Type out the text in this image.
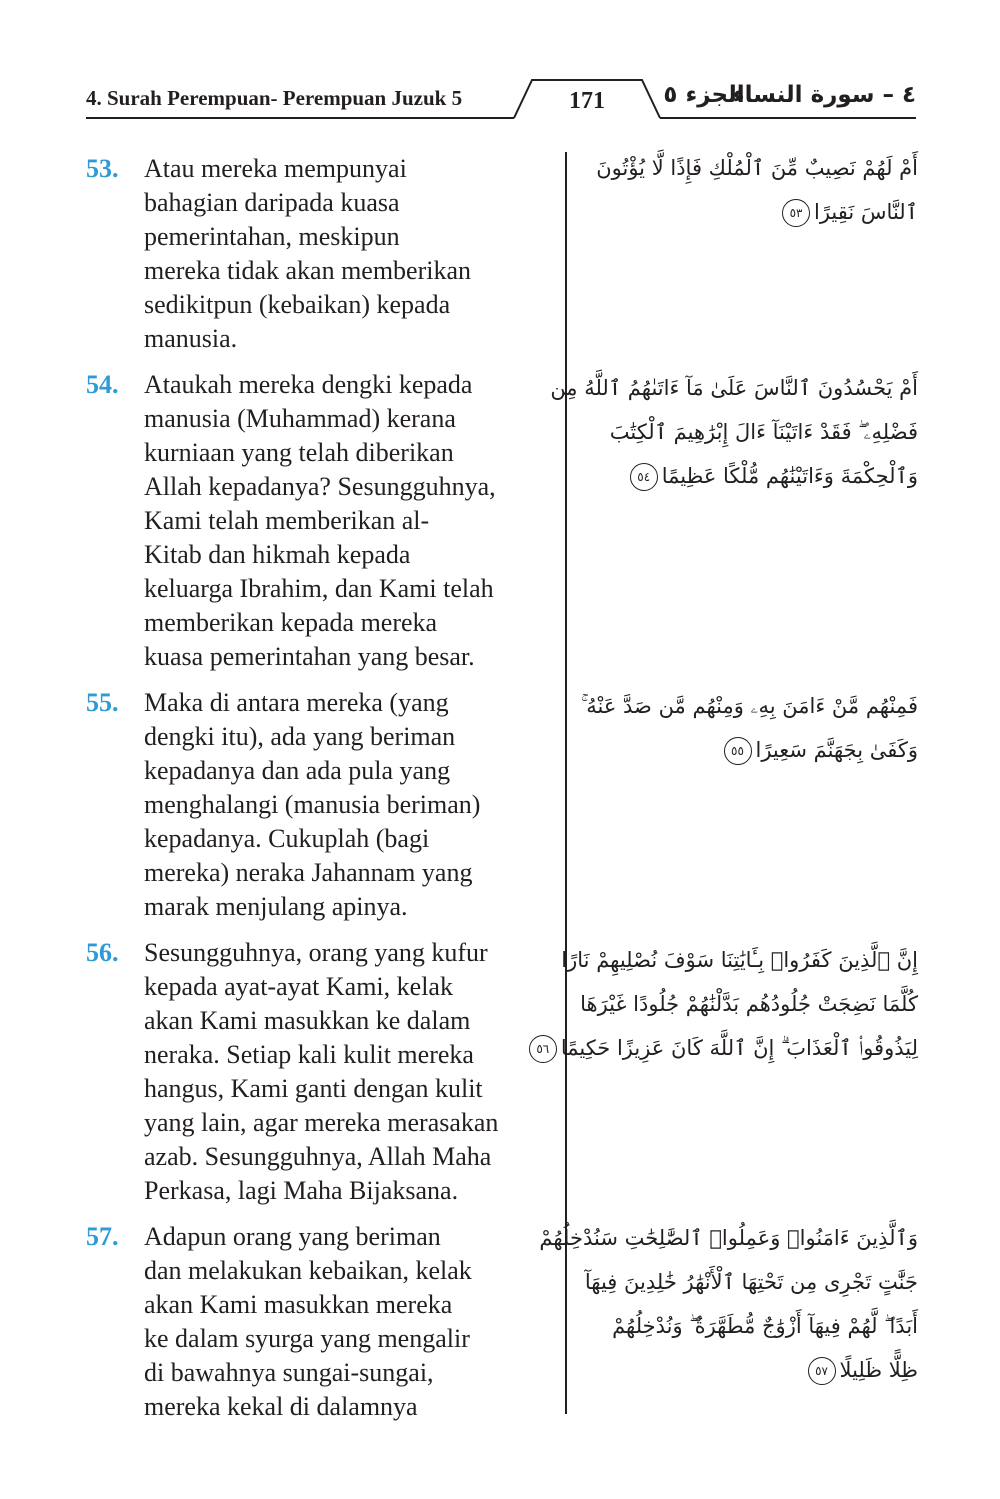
4. Surah Perempuan- Perempuan Juzuk 5	171	الجزء ٥
٤ – سورة النساء
53. Atau mereka mempunyai
bahagian daripada kuasa
pemerintahan, meskipun
mereka tidak akan memberikan
sedikitpun (kebaikan) kepada
manusia.
أَمْ لَهُمْ نَصِيبٌ مِّنَ ٱلْمُلْكِ فَإِذًا لَّا يُؤْتُونَ
ٱلنَّاسَ نَقِيرًا٥٣
54. Ataukah mereka dengki kepada
manusia (Muhammad) kerana
kurniaan yang telah diberikan
Allah kepadanya? Sesungguhnya,
Kami telah memberikan al-
Kitab dan hikmah kepada
keluarga Ibrahim, dan Kami telah
memberikan kepada mereka
kuasa pemerintahan yang besar.
أَمْ يَحْسُدُونَ ٱلنَّاسَ عَلَىٰ مَآ ءَاتَىٰهُمُ ٱللَّهُ مِن
فَضْلِهِۦ ۖ فَقَدْ ءَاتَيْنَآ ءَالَ إِبْرَٰهِيمَ ٱلْكِتَٰبَ
وَٱلْحِكْمَةَ وَءَاتَيْنَٰهُم مُّلْكًا عَظِيمًا٥٤
55. Maka di antara mereka (yang
dengki itu), ada yang beriman
kepadanya dan ada pula yang
menghalangi (manusia beriman)
kepadanya. Cukuplah (bagi
mereka) neraka Jahannam yang
marak menjulang apinya.
فَمِنْهُم مَّنْ ءَامَنَ بِهِۦ وَمِنْهُم مَّن صَدَّ عَنْهُ ۚ
وَكَفَىٰ بِجَهَنَّمَ سَعِيرًا٥٥
56. Sesungguhnya, orang yang kufur
kepada ayat-ayat Kami, kelak
akan Kami masukkan ke dalam
neraka. Setiap kali kulit mereka
hangus, Kami ganti dengan kulit
yang lain, agar mereka merasakan
azab. Sesungguhnya, Allah Maha
Perkasa, lagi Maha Bijaksana.
إِنَّ ٱلَّذِينَ كَفَرُوا۟ بِـَٔايَٰتِنَا سَوْفَ نُصْلِيهِمْ نَارًا
كُلَّمَا نَضِجَتْ جُلُودُهُم بَدَّلْنَٰهُمْ جُلُودًا غَيْرَهَا
لِيَذُوقُوا۟ ٱلْعَذَابَ ۗ إِنَّ ٱللَّهَ كَانَ عَزِيزًا حَكِيمًا٥٦
57. Adapun orang yang beriman
dan melakukan kebaikan, kelak
akan Kami masukkan mereka
ke dalam syurga yang mengalir
di bawahnya sungai-sungai,
mereka kekal di dalamnya
وَٱلَّذِينَ ءَامَنُوا۟ وَعَمِلُوا۟ ٱلصَّٰلِحَٰتِ سَنُدْخِلُهُمْ
جَنَّٰتٍ تَجْرِى مِن تَحْتِهَا ٱلْأَنْهَٰرُ خَٰلِدِينَ فِيهَآ
أَبَدًا ۖ لَّهُمْ فِيهَآ أَزْوَٰجٌ مُّطَهَّرَةٌ ۖ وَنُدْخِلُهُمْ
ظِلًّا ظَلِيلًا٥٧
